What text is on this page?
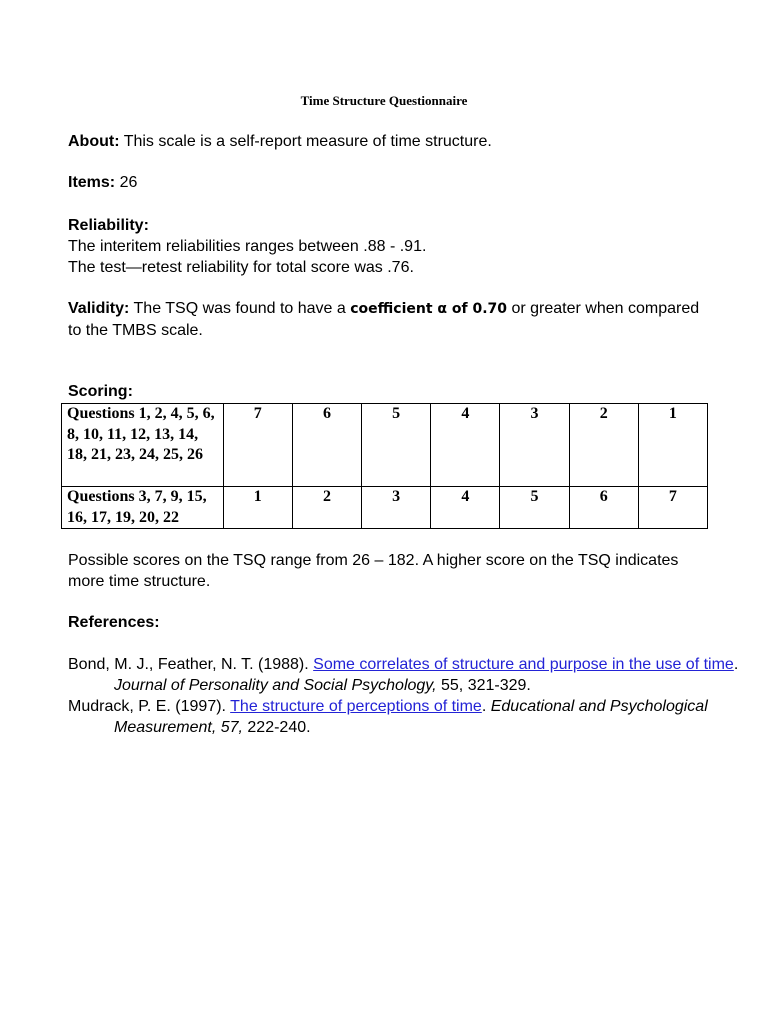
Time Structure Questionnaire

About: This scale is a self-report measure of time structure.

Items: 26

Reliability:
The interitem reliabilities ranges between .88 - .91.
The test—retest reliability for total score was .76.

Validity: The TSQ was found to have a coefficient α of 0.70 or greater when compared to the TMBS scale.

Scoring:

Questions 1, 2, 4, 5, 6, 8, 10, 11, 12, 13, 14, 18, 21, 23, 24, 25, 26	7	6	5	4	3	2	1
Questions 3, 7, 9, 15, 16, 17, 19, 20, 22	1	2	3	4	5	6	7

Possible scores on the TSQ range from 26 – 182. A higher score on the TSQ indicates more time structure.

References:

Bond, M. J., Feather, N. T. (1988). Some correlates of structure and purpose in the use of time. Journal of Personality and Social Psychology, 55, 321-329.

Mudrack, P. E. (1997). The structure of perceptions of time. Educational and Psychological Measurement, 57, 222-240.
